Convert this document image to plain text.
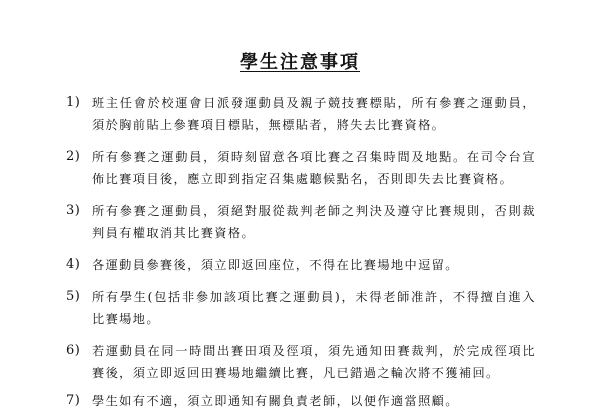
學生注意事項
1) 班主任會於校運會日派發運動員及親子競技賽標貼，所有參賽之運動員，須於胸前貼上參賽項目標貼，無標貼者，將失去比賽資格。
2) 所有參賽之運動員，須時刻留意各項比賽之召集時間及地點。在司令台宣佈比賽項目後，應立即到指定召集處聽候點名，否則即失去比賽資格。
3) 所有參賽之運動員，須絕對服從裁判老師之判決及遵守比賽規則，否則裁判員有權取消其比賽資格。
4) 各運動員參賽後，須立即返回座位，不得在比賽場地中逗留。
5) 所有學生(包括非參加該項比賽之運動員)，未得老師准許，不得擅自進入比賽場地。
6) 若運動員在同一時間出賽田項及徑項，須先通知田賽裁判，於完成徑項比賽後，須立即返回田賽場地繼續比賽，凡已錯過之輪次將不獲補回。
7) 學生如有不適，須立即通知有關負責老師，以便作適當照顧。
